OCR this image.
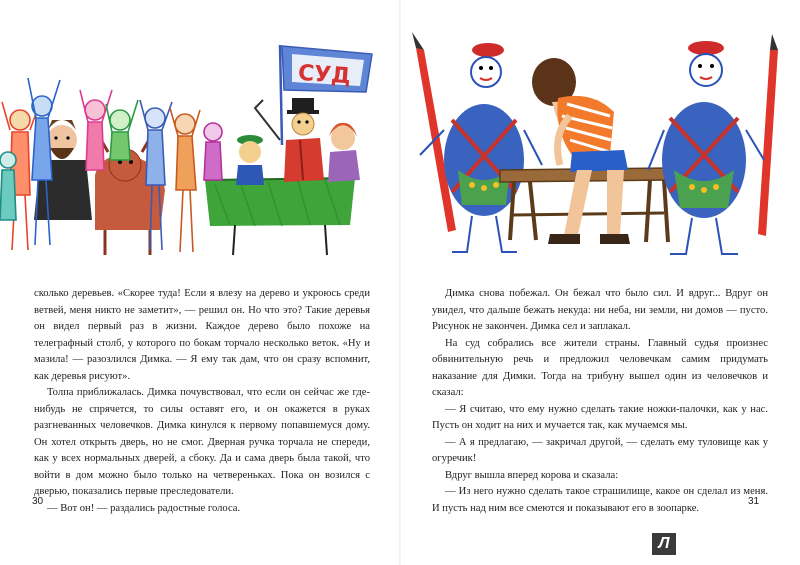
СУД

сколько деревьев. «Скорее туда! Если я влезу на дерево и укроюсь среди ветвей, меня никто не заметит», — решил он. Но что это? Такие деревья он видел первый раз в жизни. Каждое дерево было похоже на телеграфный столб, у которого по бокам торчало несколько веток. «Ну и мазила! — разозлился Димка. — Я ему так дам, что он сразу вспомнит, как деревья рисуют».

Толпа приближалась. Димка почувствовал, что если он сейчас же где-нибудь не спрячется, то силы оставят его, и он окажется в руках разгневанных человечков. Димка кинулся к первому попавшемуся дому. Он хотел открыть дверь, но не смог. Дверная ручка торчала не спереди, как у всех нормальных дверей, а сбоку. Да и сама дверь была такой, что войти в дом можно было только на четвереньках. Пока он возился с дверью, показались первые преследователи.

— Вот он! — раздались радостные голоса.

Димка снова побежал. Он бежал что было сил. И вдруг... Вдруг он увидел, что дальше бежать некуда: ни неба, ни земли, ни домов — пусто. Рисунок не закончен. Димка сел и заплакал.

На суд собрались все жители страны. Главный судья произнес обвинительную речь и предложил человечкам самим придумать наказание для Димки. Тогда на трибуну вышел один из человечков и сказал:

— Я считаю, что ему нужно сделать такие ножки-палочки, как у нас. Пусть он ходит на них и мучается так, как мучаемся мы.

— А я предлагаю, — закричал другой, — сделать ему туловище как у огуречик!

Вдруг вышла вперед корова и сказала:

— Из него нужно сделать такое страшилище, какое он сделал из меня. И пусть над ним все смеются и показывают его в зоопарке.

30	31
Л
